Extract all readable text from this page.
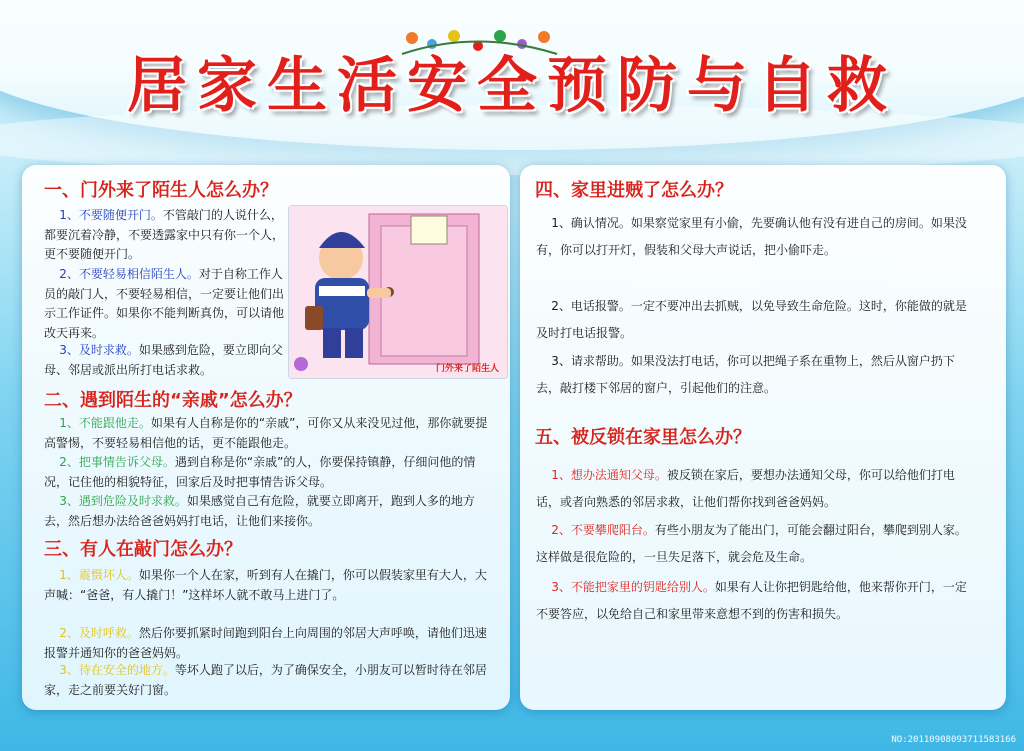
居家生活安全预防与自救
一、门外来了陌生人怎么办？
1、不要随便开门。不管敲门的人说什么，都要沉着冷静，不要透露家中只有你一个人，更不要随便开门。
2、不要轻易相信陌生人。对于自称工作人员的敲门人，不要轻易相信，一定要让他们出示工作证件。如果你不能判断真伪，可以请他改天再来。
3、及时求救。如果感到危险，要立即向父母、邻居或派出所打电话求救。	门外来了陌生人
二、遇到陌生的“亲戚”怎么办？
1、不能跟他走。如果有人自称是你的“亲戚”，可你又从来没见过他，那你就要提高警惕，不要轻易相信他的话，更不能跟他走。
2、把事情告诉父母。遇到自称是你“亲戚”的人，你要保持镇静，仔细问他的情况，记住他的相貌特征，回家后及时把事情告诉父母。
3、遇到危险及时求救。如果感觉自己有危险，就要立即离开，跑到人多的地方去，然后想办法给爸爸妈妈打电话，让他们来接你。
三、有人在敲门怎么办？
1、震慑坏人。如果你一个人在家，听到有人在撬门，你可以假装家里有大人，大声喊：“爸爸，有人撬门！”这样坏人就不敢马上进门了。
2、及时呼救。然后你要抓紧时间跑到阳台上向周围的邻居大声呼唤，请他们迅速报警并通知你的爸爸妈妈。
3、待在安全的地方。等坏人跑了以后，为了确保安全，小朋友可以暂时待在邻居家，走之前要关好门窗。
四、家里进贼了怎么办？
1、确认情况。如果察觉家里有小偷，先要确认他有没有进自己的房间。如果没有，你可以打开灯，假装和父母大声说话，把小偷吓走。
2、电话报警。一定不要冲出去抓贼，以免导致生命危险。这时，你能做的就是及时打电话报警。
3、请求帮助。如果没法打电话，你可以把绳子系在重物上，然后从窗户扔下去，敲打楼下邻居的窗户，引起他们的注意。
五、被反锁在家里怎么办？
1、想办法通知父母。被反锁在家后，要想办法通知父母，你可以给他们打电话，或者向熟悉的邻居求救，让他们帮你找到爸爸妈妈。
2、不要攀爬阳台。有些小朋友为了能出门，可能会翻过阳台，攀爬到别人家。这样做是很危险的，一旦失足落下，就会危及生命。
3、不能把家里的钥匙给别人。如果有人让你把钥匙给他，他来帮你开门，一定不要答应，以免给自己和家里带来意想不到的伤害和损失。
NO:20110908093711583166
